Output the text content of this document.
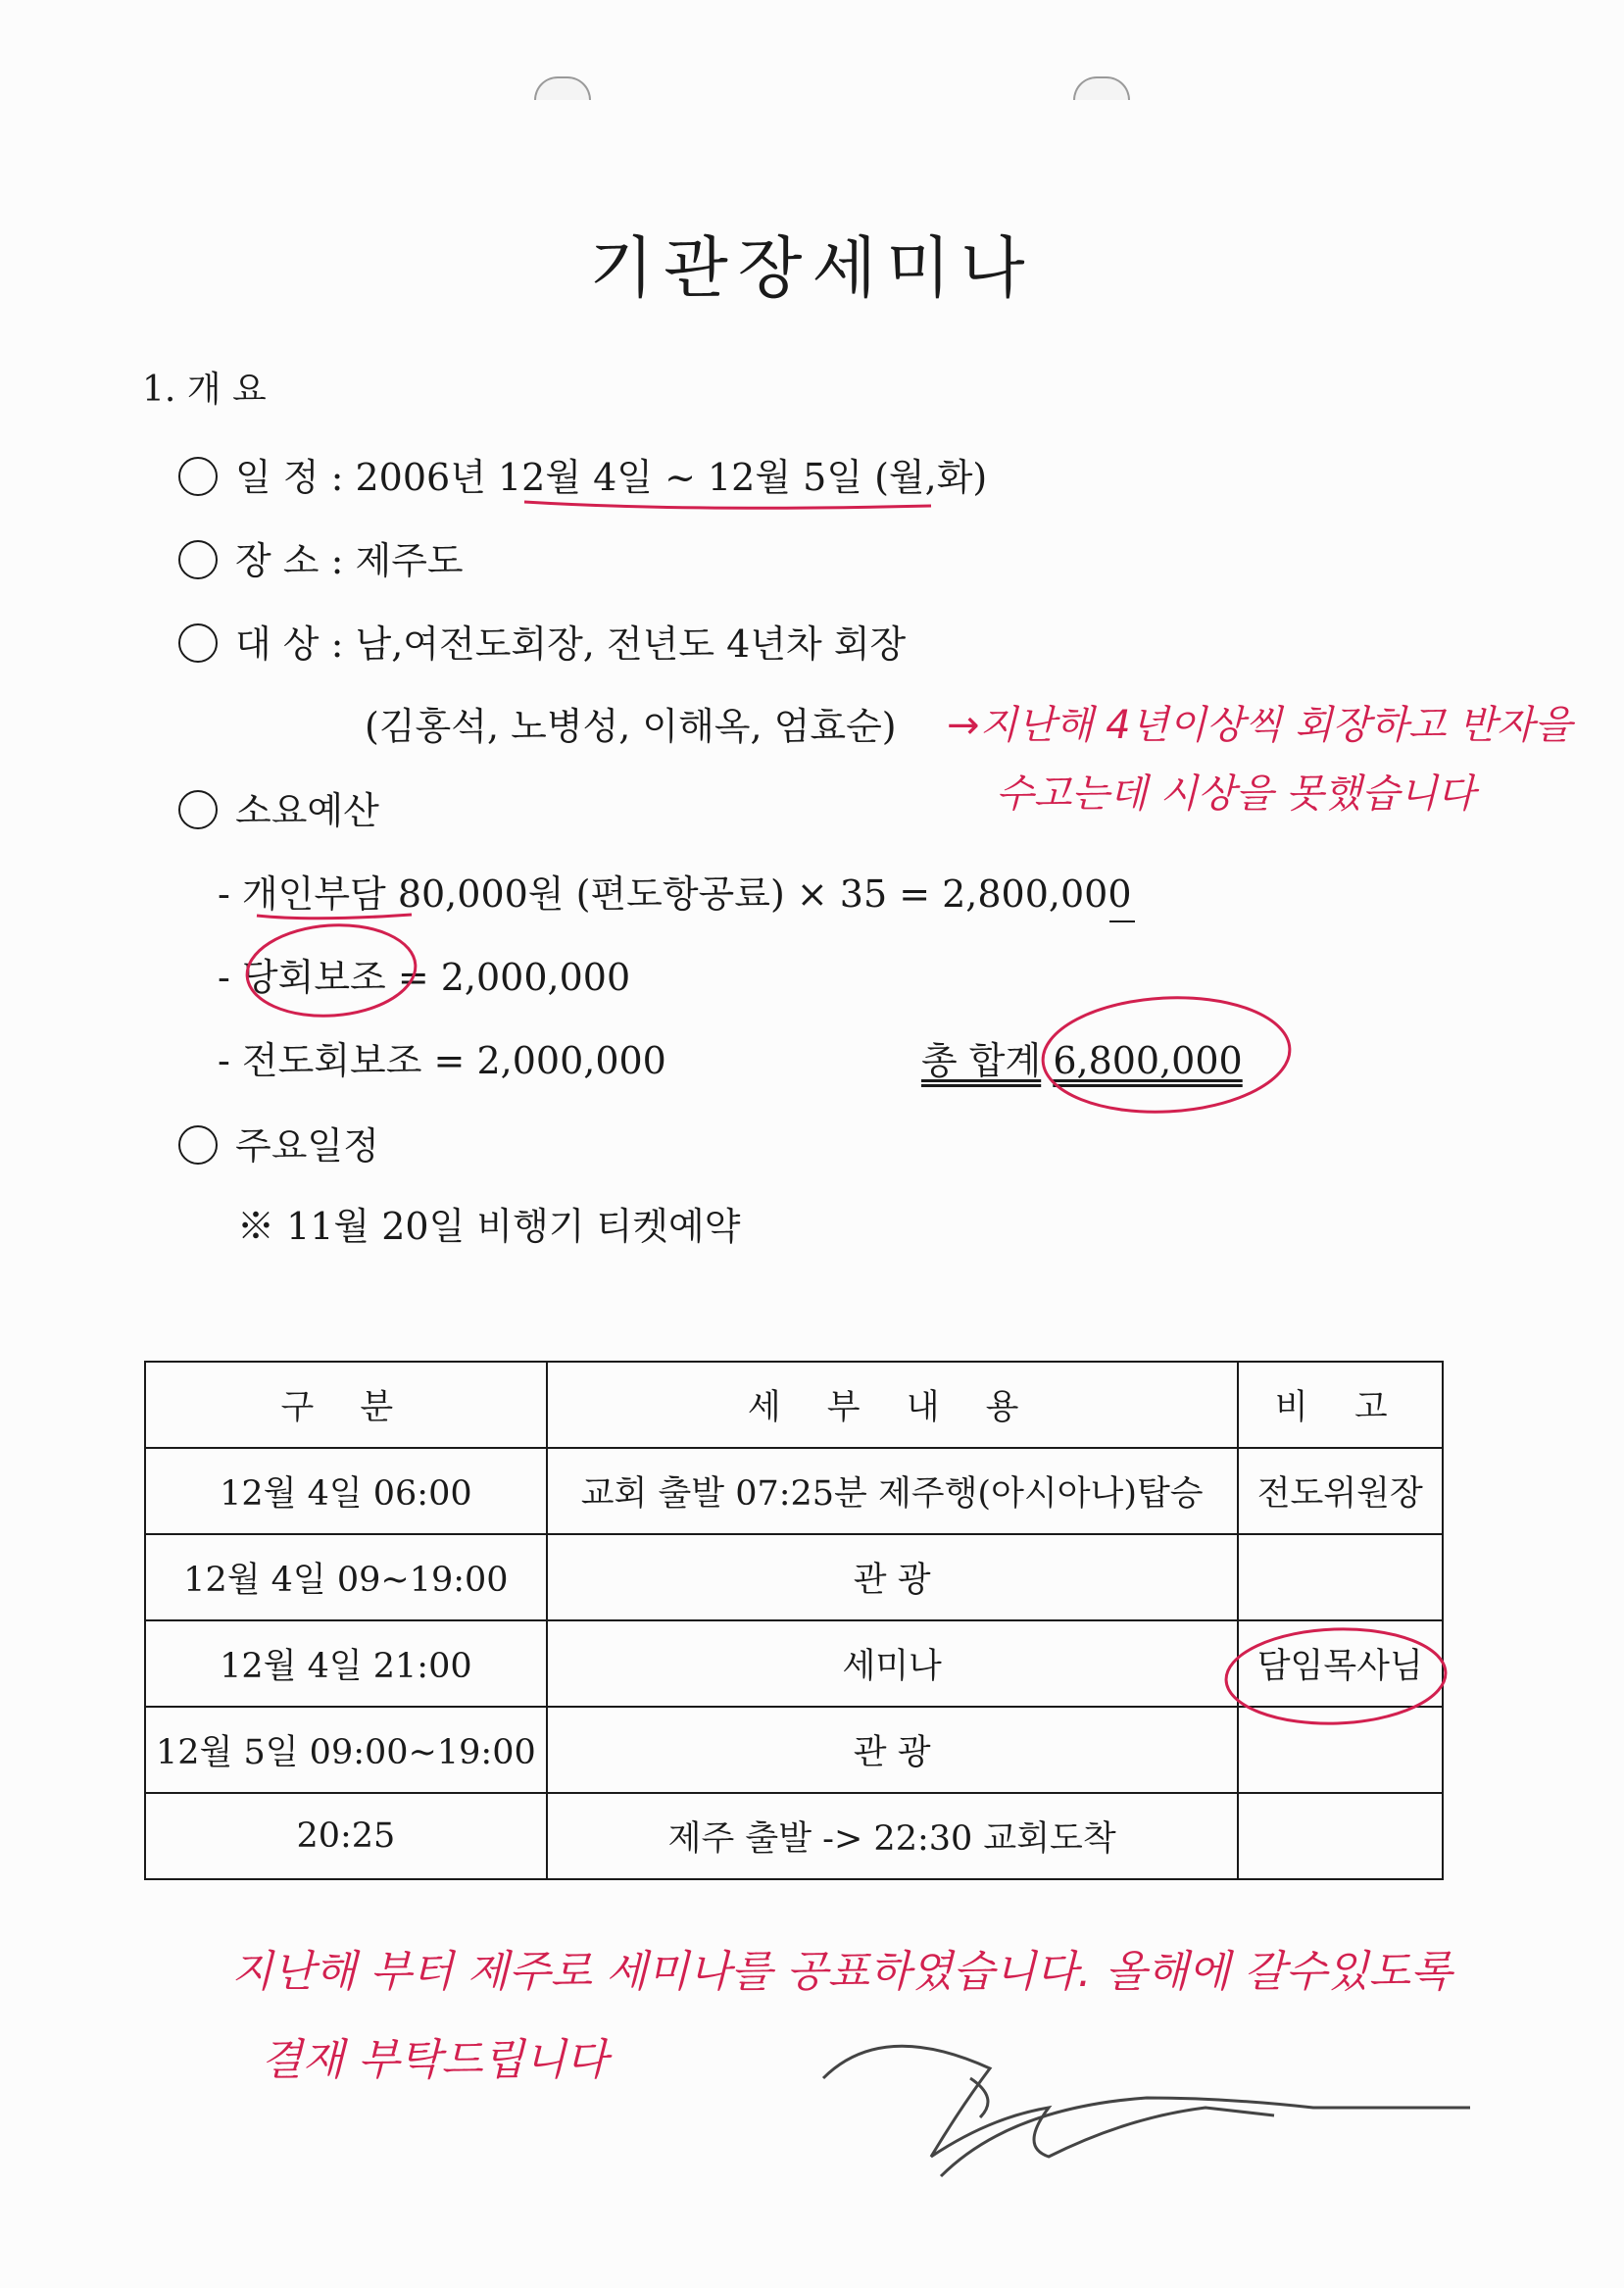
기관장세미나
1. 개 요
일 정 : 2006년 12월 4일 ~ 12월 5일 (월,화)
장 소 : 제주도
대 상 : 남,여전도회장, 전년도 4년차 회장
(김홍석, 노병성, 이해옥, 엄효순)
소요예산
- 개인부담 80,000원 (편도항공료) × 35 = 2,800,000
- 당회보조 = 2,000,000
- 전도회보조 = 2,000,000	총 합계 6,800,000
주요일정
※ 11월 20일 비행기 티켓예약
구 분	세 부 내 용	비 고
12월 4일 06:00	교회 출발 07:25분 제주행(아시아나)탑승	전도위원장
12월 4일 09~19:00	관 광	
12월 4일 21:00	세미나	담임목사님
12월 5일 09:00~19:00	관 광	
20:25	제주 출발 -> 22:30 교회도착	
→지난해 4년이상씩 회장하고 반자을
수고는데 시상을 못했습니다
지난해 부터 제주로 세미나를 공표하였습니다. 올해에 갈수있도록
결재 부탁드립니다
